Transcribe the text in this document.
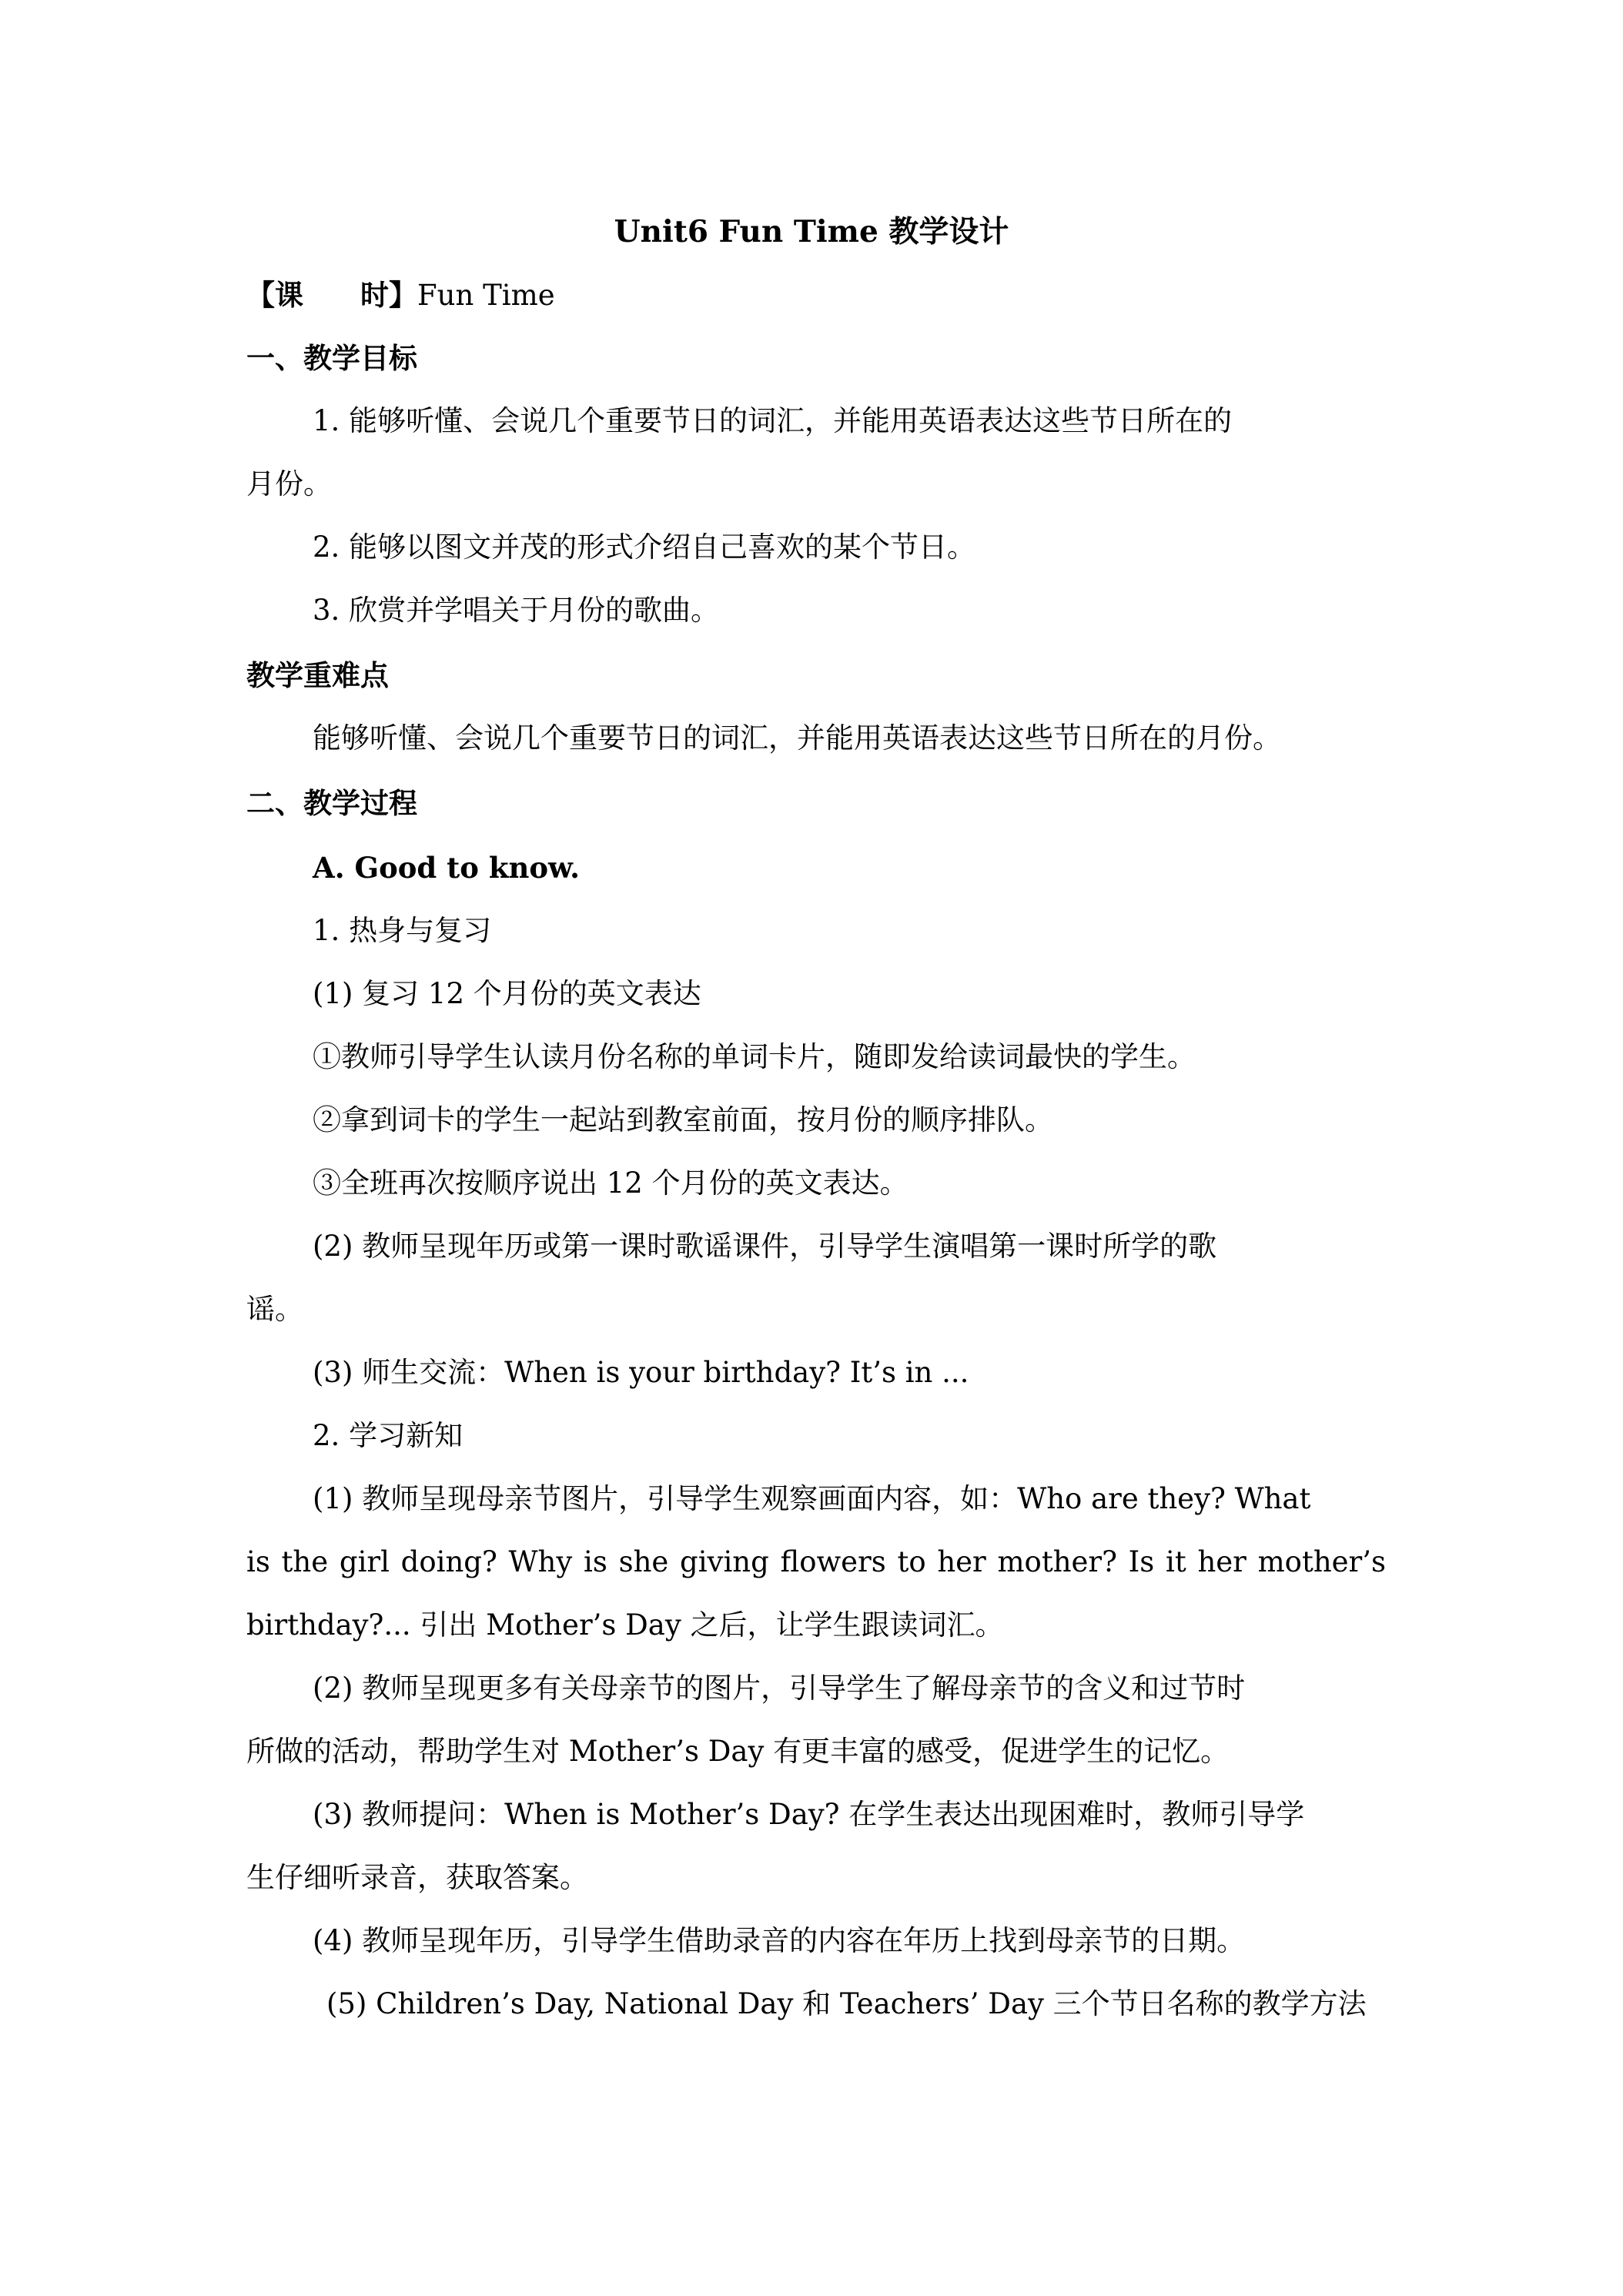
Unit6 Fun Time 教学设计
【课　　时】Fun Time
一、教学目标
1. 能够听懂、会说几个重要节日的词汇，并能用英语表达这些节日所在的
月份。
2. 能够以图文并茂的形式介绍自己喜欢的某个节日。
3. 欣赏并学唱关于月份的歌曲。
教学重难点
能够听懂、会说几个重要节日的词汇，并能用英语表达这些节日所在的月份。
二、教学过程
A. Good to know.
1. 热身与复习
(1) 复习 12 个月份的英文表达
①教师引导学生认读月份名称的单词卡片，随即发给读词最快的学生。
②拿到词卡的学生一起站到教室前面，按月份的顺序排队。
③全班再次按顺序说出 12 个月份的英文表达。
(2) 教师呈现年历或第一课时歌谣课件，引导学生演唱第一课时所学的歌
谣。
(3) 师生交流：When is your birthday? It’s in ...
2. 学习新知
(1) 教师呈现母亲节图片，引导学生观察画面内容，如：Who are they? What
is the girl doing? Why is she giving flowers to her mother? Is it her mother’s
birthday?... 引出 Mother’s Day 之后，让学生跟读词汇。
(2) 教师呈现更多有关母亲节的图片，引导学生了解母亲节的含义和过节时
所做的活动，帮助学生对 Mother’s Day 有更丰富的感受，促进学生的记忆。
(3) 教师提问：When is Mother’s Day? 在学生表达出现困难时，教师引导学
生仔细听录音，获取答案。
(4) 教师呈现年历，引导学生借助录音的内容在年历上找到母亲节的日期。
(5) Children’s Day, National Day 和 Teachers’ Day 三个节日名称的教学方法
